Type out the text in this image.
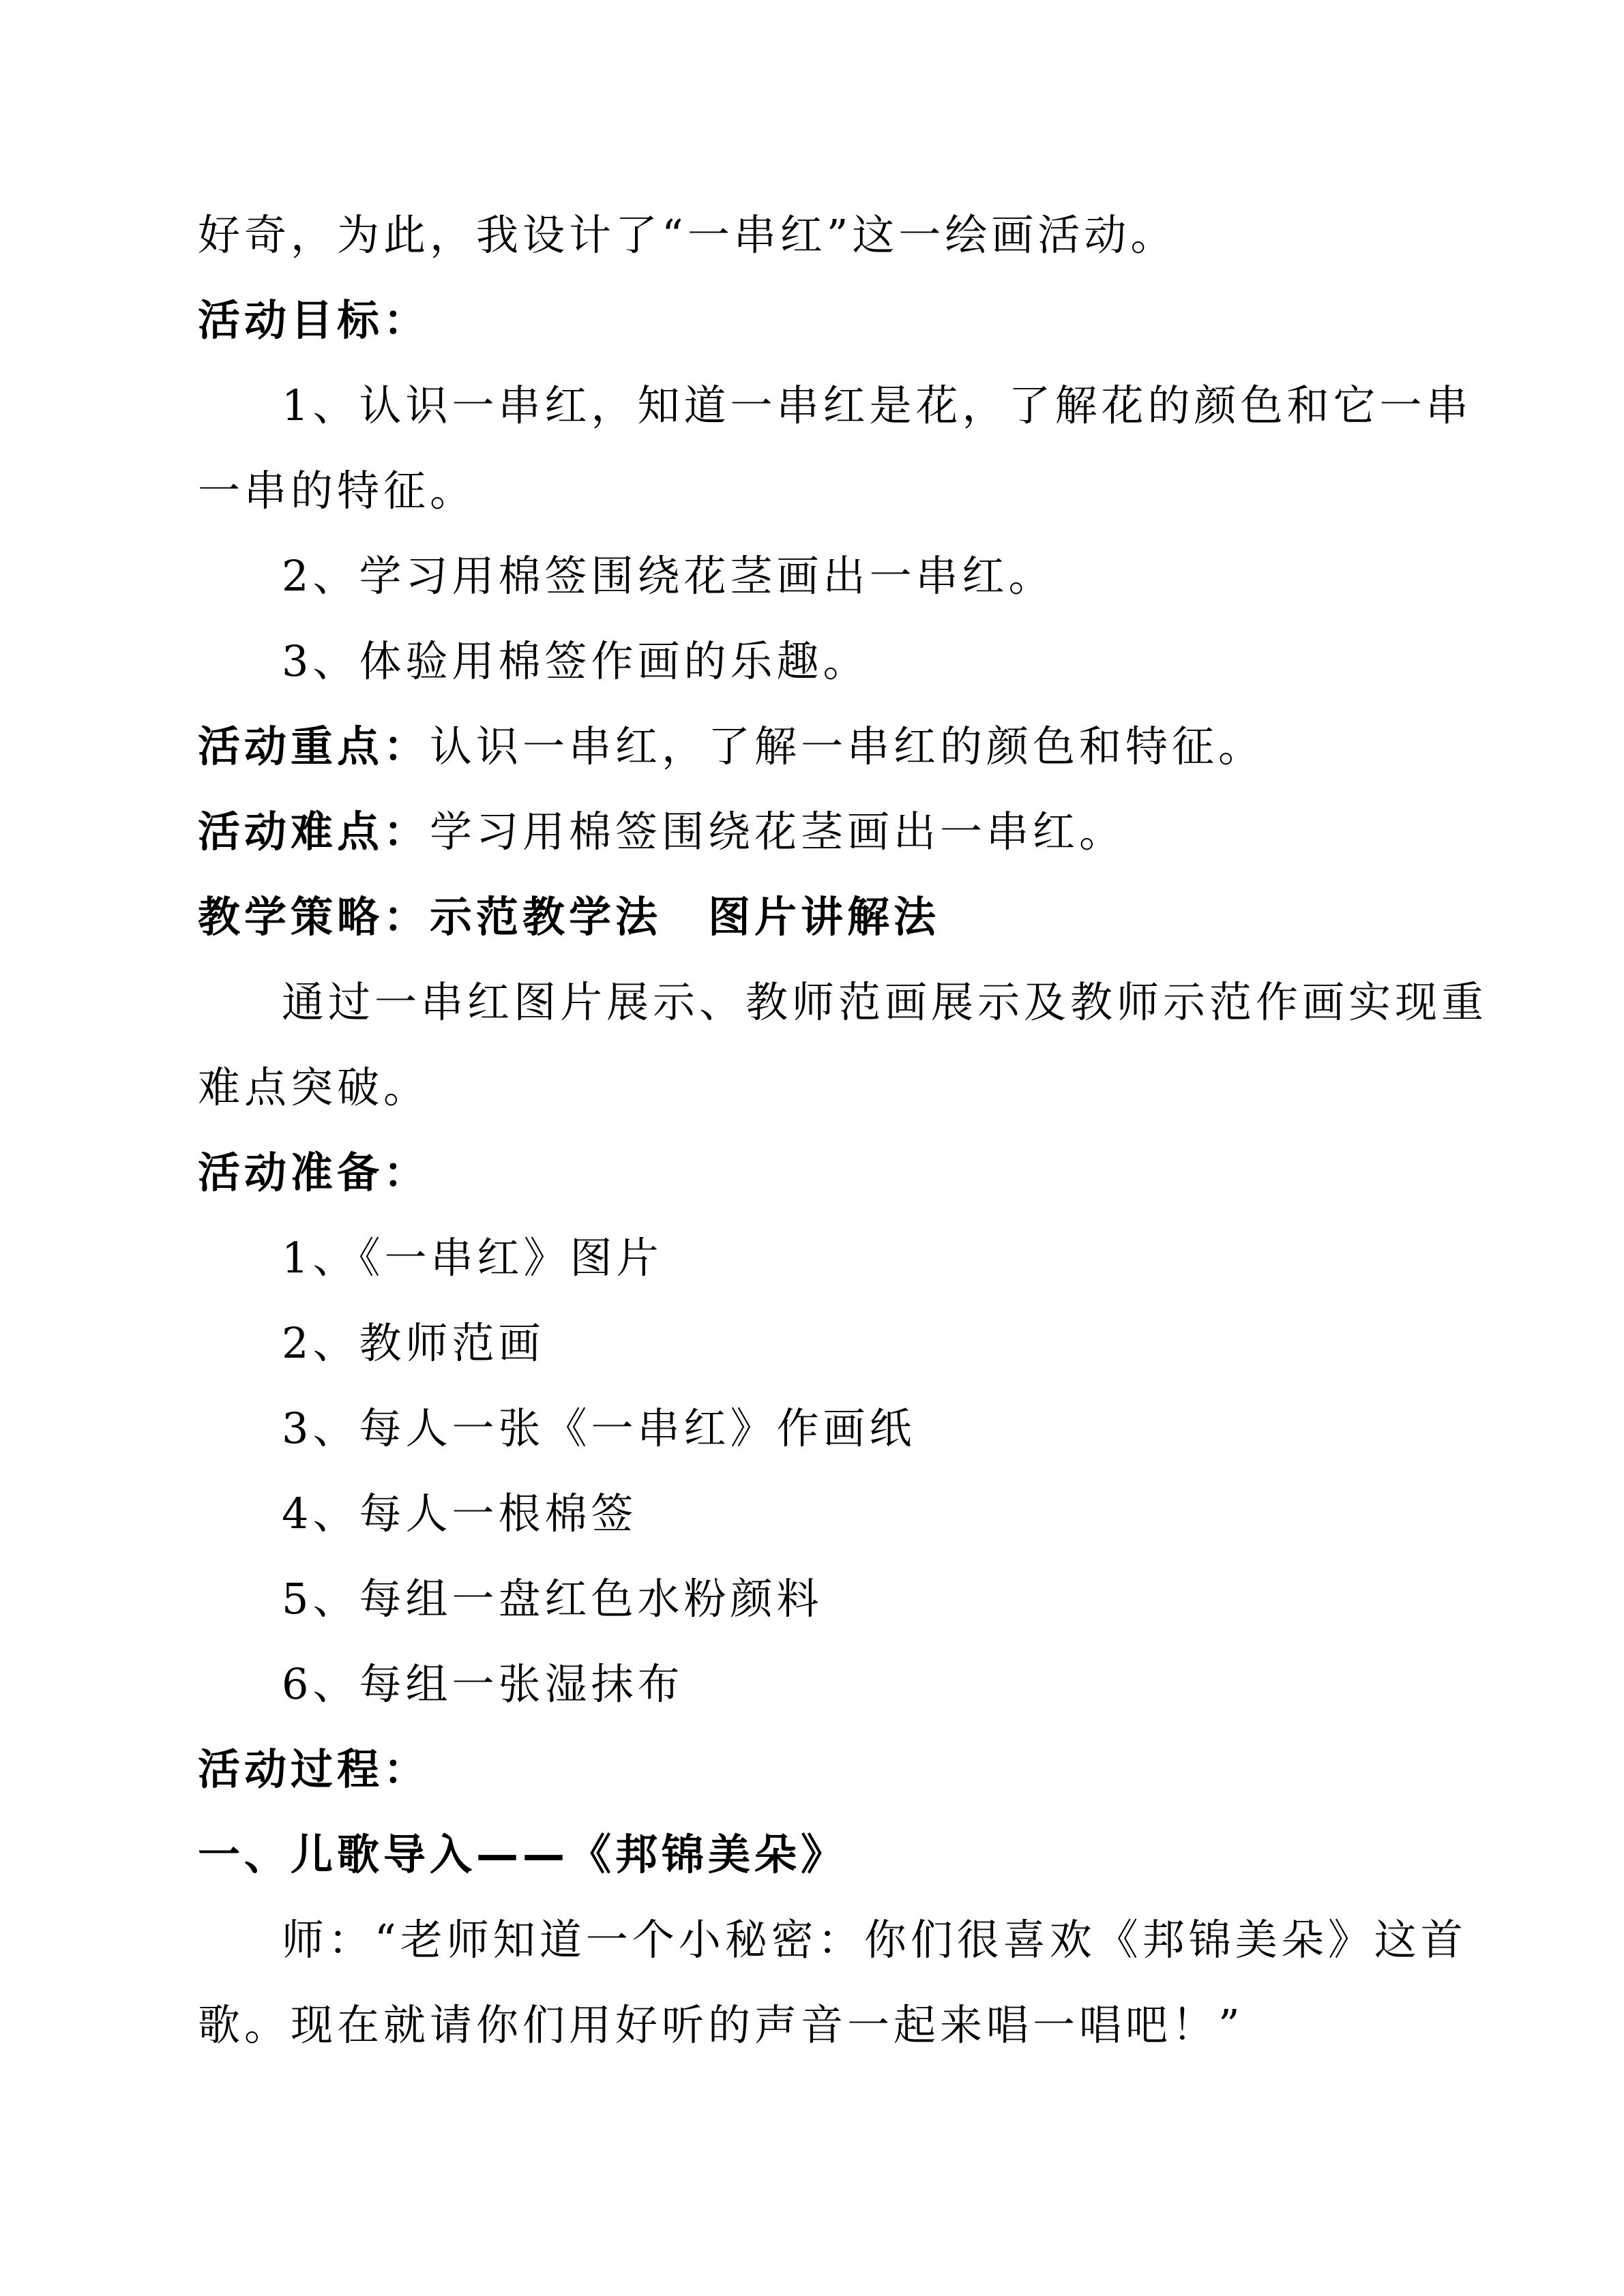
好奇，为此，我设计了“一串红”这一绘画活动。
活动目标：
1、认识一串红，知道一串红是花，了解花的颜色和它一串
一串的特征。
2、学习用棉签围绕花茎画出一串红。
3、体验用棉签作画的乐趣。
活动重点：认识一串红，了解一串红的颜色和特征。
活动难点：学习用棉签围绕花茎画出一串红。
教学策略：示范教学法　图片讲解法
通过一串红图片展示、教师范画展示及教师示范作画实现重
难点突破。
活动准备：
1、《一串红》图片
2、教师范画
3、每人一张《一串红》作画纸
4、每人一根棉签
5、每组一盘红色水粉颜料
6、每组一张湿抹布
活动过程：
一、儿歌导入——《邦锦美朵》
师：“老师知道一个小秘密：你们很喜欢《邦锦美朵》这首
歌。现在就请你们用好听的声音一起来唱一唱吧！”
